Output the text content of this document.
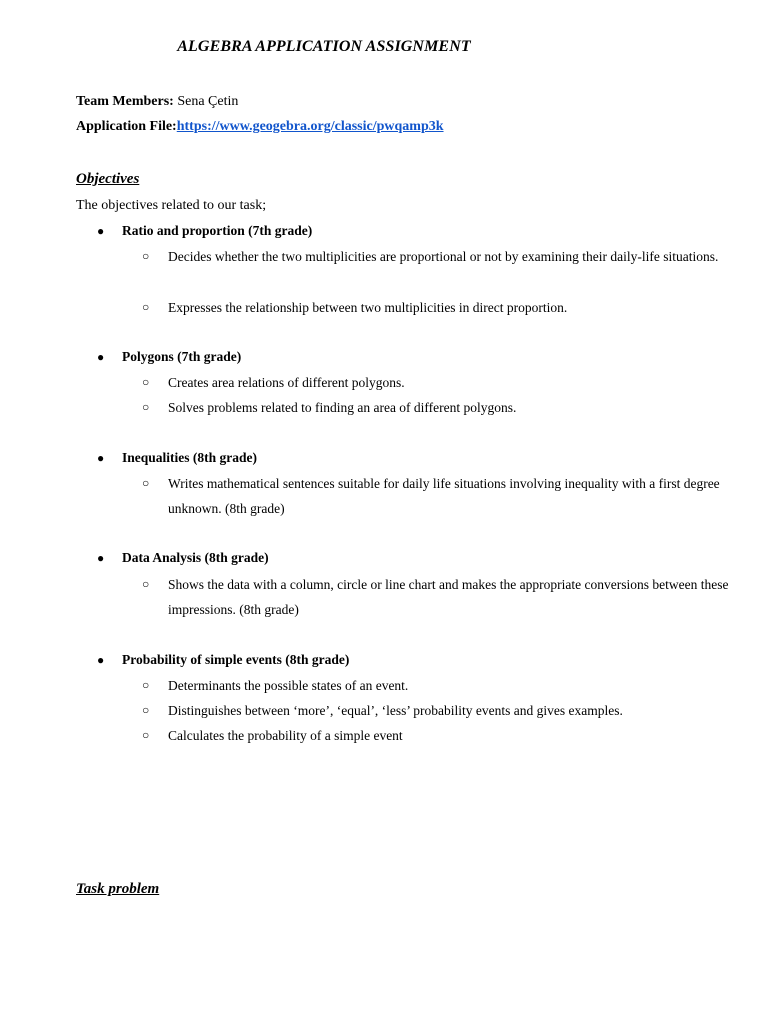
ALGEBRA APPLICATION ASSIGNMENT
Team Members: Sena Çetin
Application File:https://www.geogebra.org/classic/pwqamp3k
Objectives
The objectives related to our task;
● Ratio and proportion (7th grade)
○ Decides whether the two multiplicities are proportional or not by examining their daily-life situations.
○ Expresses the relationship between two multiplicities in direct proportion.
● Polygons (7th grade)
○ Creates area relations of different polygons.
○ Solves problems related to finding an area of different polygons.
● Inequalities (8th grade)
○ Writes mathematical sentences suitable for daily life situations involving inequality with a first degree unknown. (8th grade)
● Data Analysis (8th grade)
○ Shows the data with a column, circle or line chart and makes the appropriate conversions between these impressions. (8th grade)
● Probability of simple events (8th grade)
○ Determinants the possible states of an event.
○ Distinguishes between ‘more’, ‘equal’, ‘less’ probability events and gives examples.
○ Calculates the probability of a simple event
Task problem
